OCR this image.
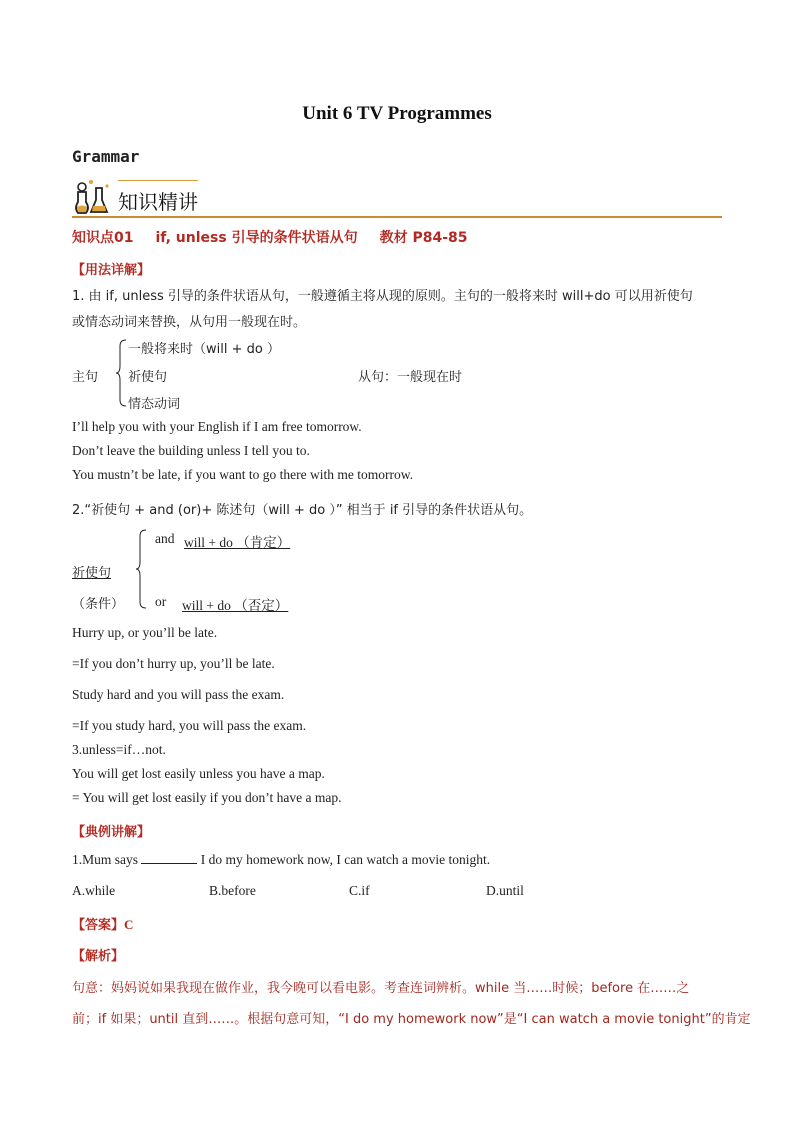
Unit 6 TV Programmes
Grammar
知识精讲
知识点01 if, unless 引导的条件状语从句 教材 P84-85
【用法详解】
1. 由 if, unless 引导的条件状语从句，一般遵循主将从现的原则。主句的一般将来时 will+do 可以用祈使句
或情态动词来替换，从句用一般现在时。
主句
一般将来时（will + do ）
祈使句
情态动词
从句：一般现在时
I’ll help you with your English if I am free tomorrow.
Don’t leave the building unless I tell you to.
You mustn’t be late, if you want to go there with me tomorrow.
2.“祈使句 + and (or)+ 陈述句（will + do ）” 相当于 if 引导的条件状语从句。
祈使句
（条件）
and will + do （肯定）
or will + do （否定）
Hurry up, or you’ll be late.
=If you don’t hurry up, you’ll be late.
Study hard and you will pass the exam.
=If you study hard, you will pass the exam.
3.unless=if…not.
You will get lost easily unless you have a map.
= You will get lost easily if you don’t have a map.
【典例讲解】
1.Mum says	I do my homework now, I can watch a movie tonight.
A.while	B.before	C.if	D.until
【答案】C
【解析】
句意：妈妈说如果我现在做作业，我今晚可以看电影。考查连词辨析。while 当……时候；before 在……之
前；if 如果；until 直到……。根据句意可知，“I do my homework now”是“I can watch a movie tonight”的肯定
